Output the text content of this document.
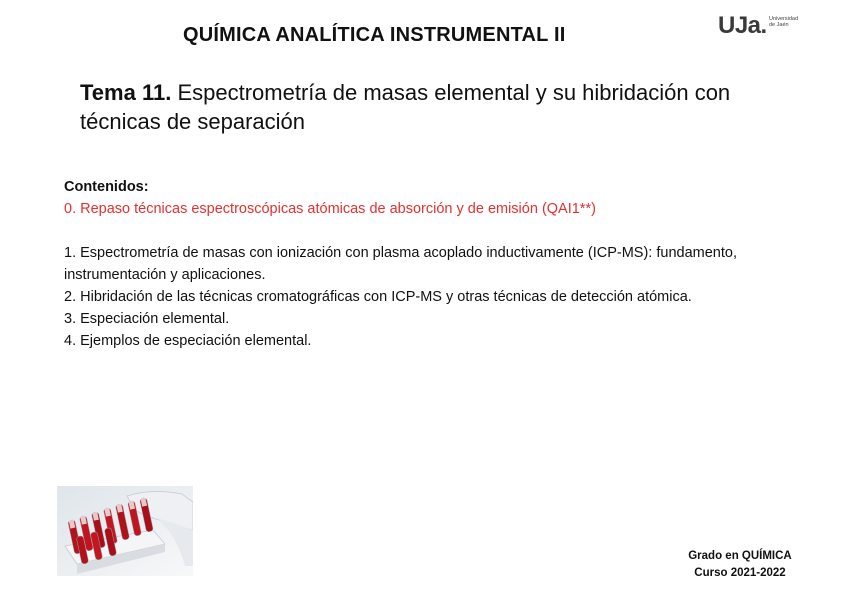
QUÍMICA ANALÍTICA INSTRUMENTAL II	UJa. Universidad
de Jaén
Tema 11. Espectrometría de masas elemental y su hibridación con técnicas de separación
Contenidos:
0. Repaso técnicas espectroscópicas atómicas de absorción y de emisión (QAI1**)
1. Espectrometría de masas con ionización con plasma acoplado inductivamente (ICP-MS): fundamento, instrumentación y aplicaciones.
2. Hibridación de las técnicas cromatográficas con ICP-MS y otras técnicas de detección atómica.
3. Especiación elemental.
4. Ejemplos de especiación elemental.
Grado en QUÍMICA
Curso 2021-2022
